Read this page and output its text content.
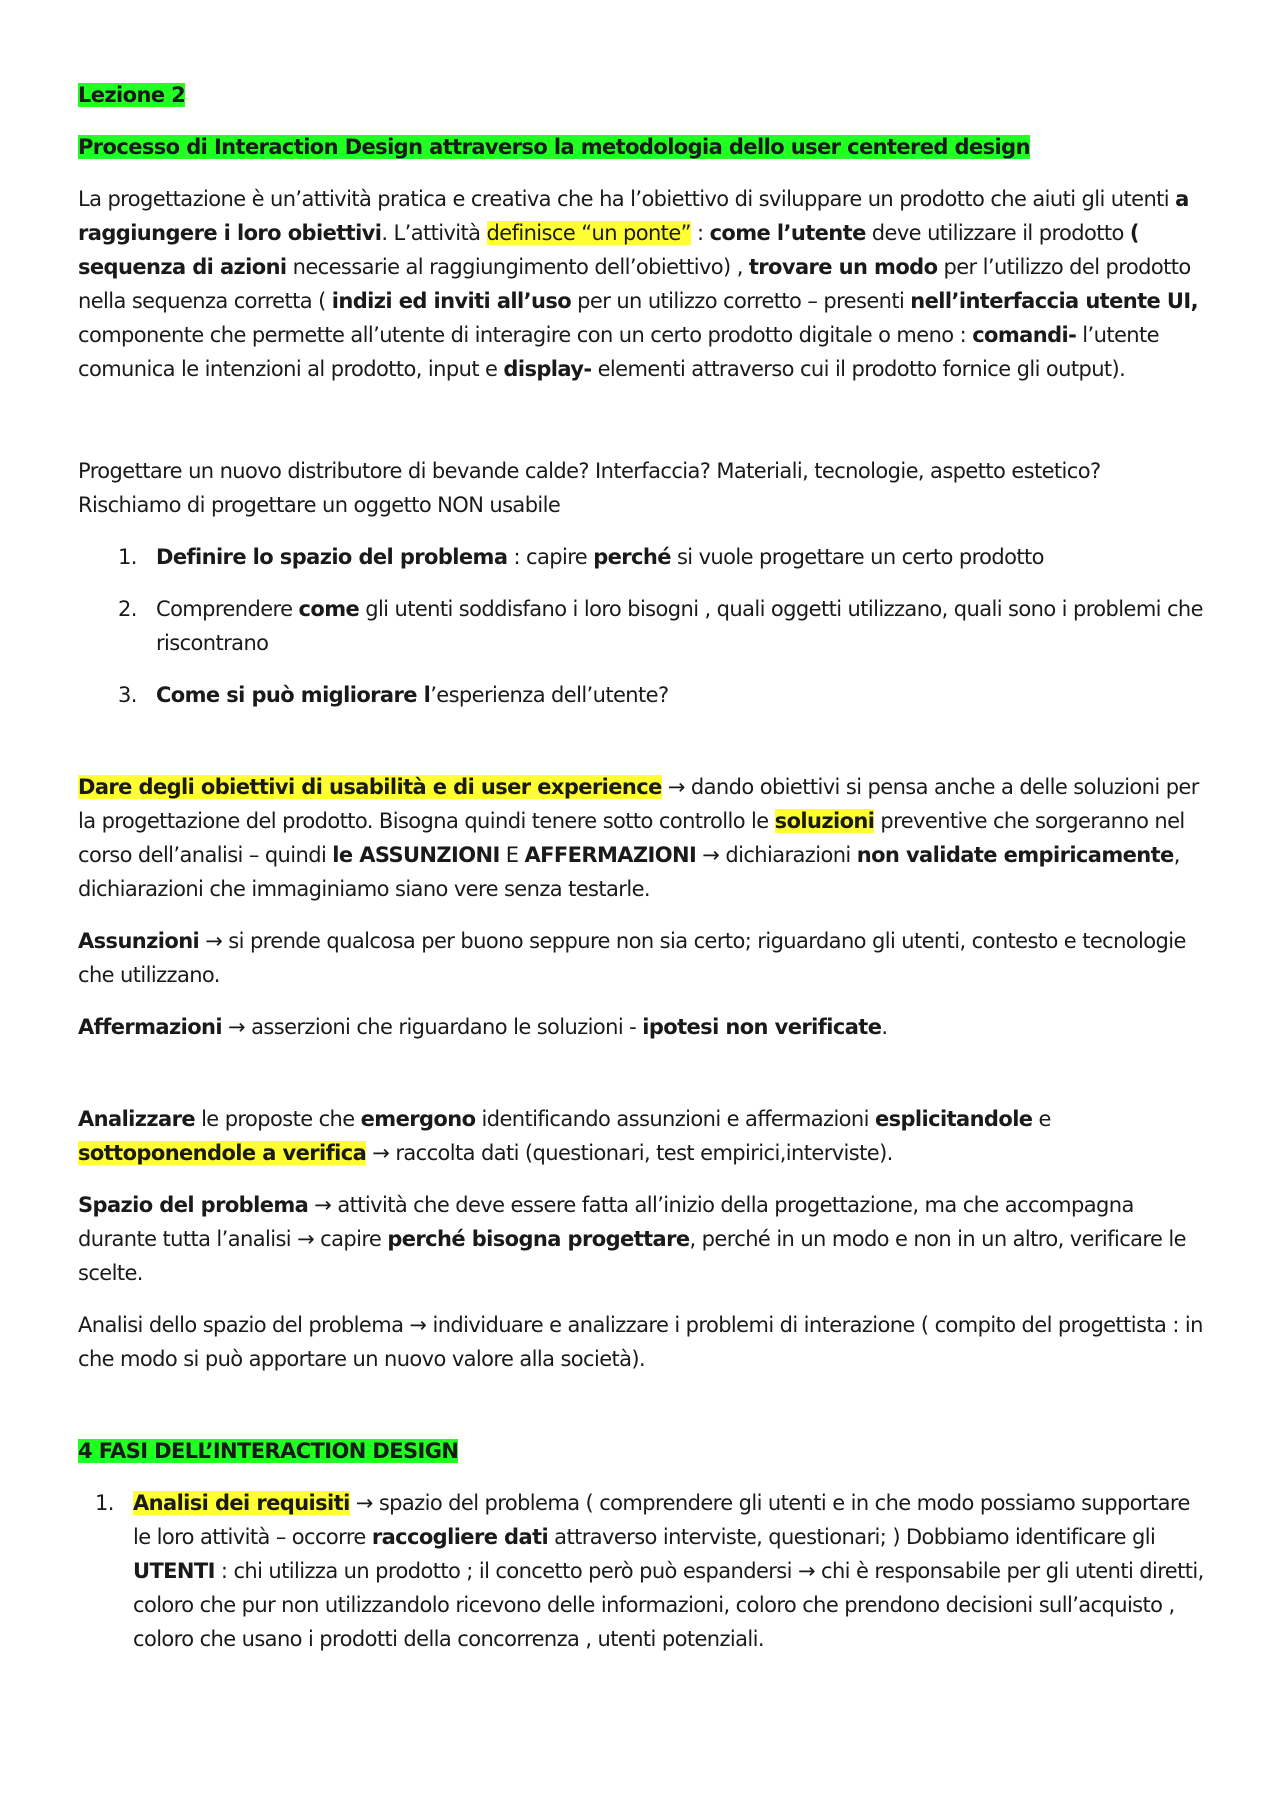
Lezione 2

Processo di Interaction Design attraverso la metodologia dello user centered design

La progettazione è un’attività pratica e creativa che ha l’obiettivo di sviluppare un prodotto che aiuti gli utenti a raggiungere i loro obiettivi. L’attività definisce “un ponte” : come l’utente deve utilizzare il prodotto ( sequenza di azioni necessarie al raggiungimento dell’obiettivo) , trovare un modo per l’utilizzo del prodotto nella sequenza corretta ( indizi ed inviti all’uso per un utilizzo corretto – presenti nell’interfaccia utente UI, componente che permette all’utente di interagire con un certo prodotto digitale o meno : comandi- l’utente comunica le intenzioni al prodotto, input e display- elementi attraverso cui il prodotto fornice gli output).

Progettare un nuovo distributore di bevande calde? Interfaccia? Materiali, tecnologie, aspetto estetico?
Rischiamo di progettare un oggetto NON usabile

1. Definire lo spazio del problema : capire perché si vuole progettare un certo prodotto
2. Comprendere come gli utenti soddisfano i loro bisogni , quali oggetti utilizzano, quali sono i problemi che riscontrano
3. Come si può migliorare l’esperienza dell’utente?

Dare degli obiettivi di usabilità e di user experience → dando obiettivi si pensa anche a delle soluzioni per la progettazione del prodotto. Bisogna quindi tenere sotto controllo le soluzioni preventive che sorgeranno nel corso dell’analisi – quindi le ASSUNZIONI E AFFERMAZIONI → dichiarazioni non validate empiricamente, dichiarazioni che immaginiamo siano vere senza testarle.

Assunzioni → si prende qualcosa per buono seppure non sia certo; riguardano gli utenti, contesto e tecnologie che utilizzano.

Affermazioni → asserzioni che riguardano le soluzioni - ipotesi non verificate.

Analizzare le proposte che emergono identificando assunzioni e affermazioni esplicitandole e sottoponendole a verifica → raccolta dati (questionari, test empirici,interviste).

Spazio del problema → attività che deve essere fatta all’inizio della progettazione, ma che accompagna durante tutta l’analisi → capire perché bisogna progettare, perché in un modo e non in un altro, verificare le scelte.

Analisi dello spazio del problema → individuare e analizzare i problemi di interazione ( compito del progettista : in che modo si può apportare un nuovo valore alla società).

4 FASI DELL’INTERACTION DESIGN

1. Analisi dei requisiti → spazio del problema ( comprendere gli utenti e in che modo possiamo supportare le loro attività – occorre raccogliere dati attraverso interviste, questionari; ) Dobbiamo identificare gli UTENTI : chi utilizza un prodotto ; il concetto però può espandersi → chi è responsabile per gli utenti diretti, coloro che pur non utilizzandolo ricevono delle informazioni, coloro che prendono decisioni sull’acquisto , coloro che usano i prodotti della concorrenza , utenti potenziali.
